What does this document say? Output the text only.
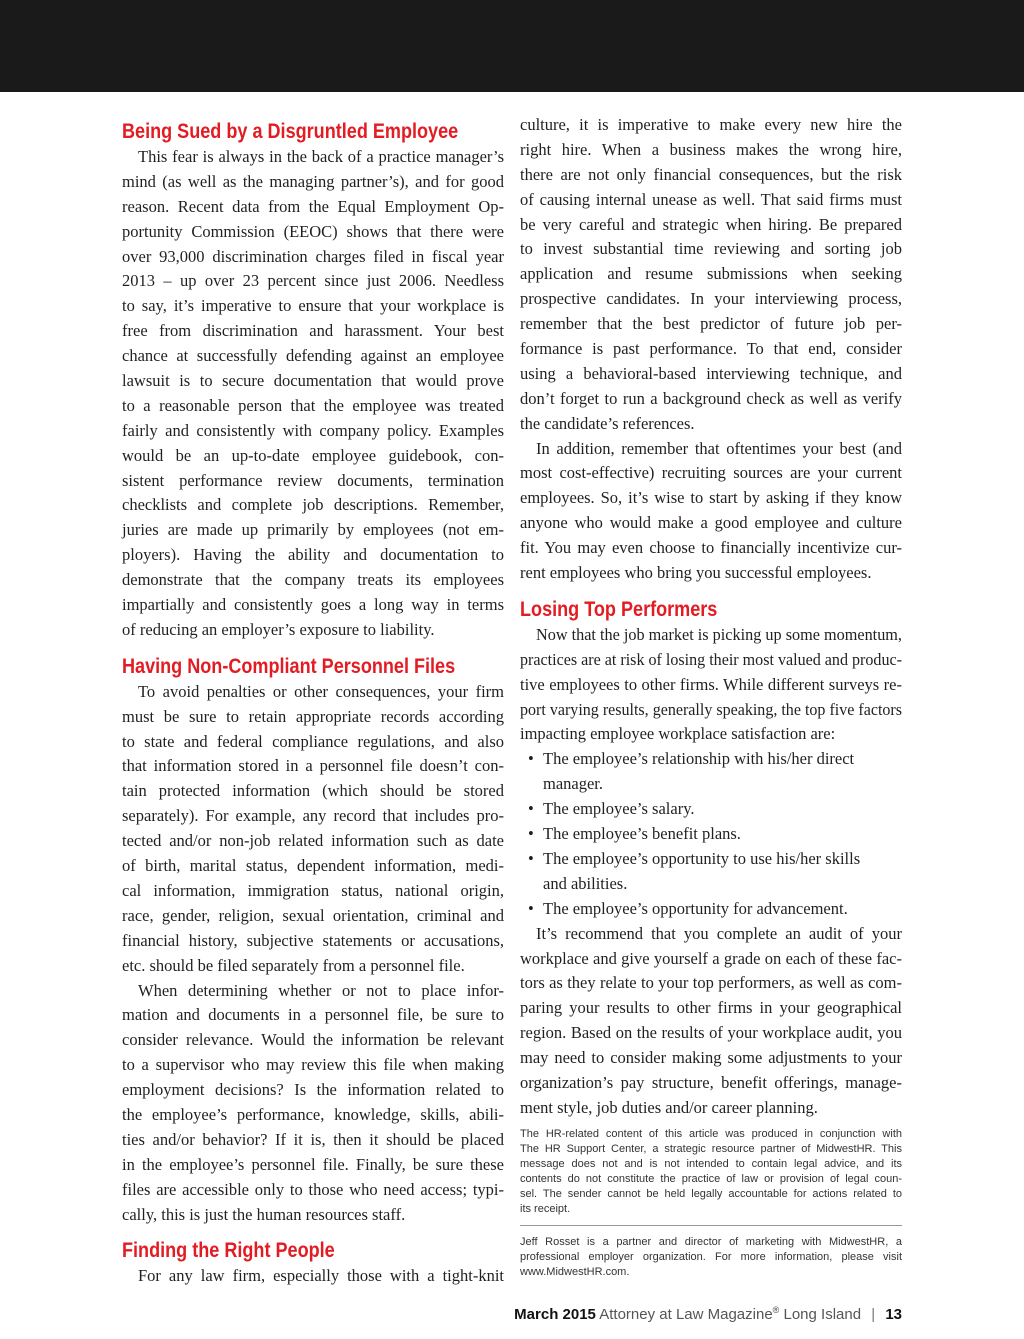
Being Sued by a Disgruntled Employee
This fear is always in the back of a practice manager’s
mind (as well as the managing partner’s), and for good
reason. Recent data from the Equal Employment Op-
portunity Commission (EEOC) shows that there were
over 93,000 discrimination charges filed in fiscal year
2013 – up over 23 percent since just 2006. Needless
to say, it’s imperative to ensure that your workplace is
free from discrimination and harassment. Your best
chance at successfully defending against an employee
lawsuit is to secure documentation that would prove
to a reasonable person that the employee was treated
fairly and consistently with company policy. Examples
would be an up-to-date employee guidebook, con-
sistent performance review documents, termination
checklists and complete job descriptions. Remember,
juries are made up primarily by employees (not em-
ployers). Having the ability and documentation to
demonstrate that the company treats its employees
impartially and consistently goes a long way in terms
of reducing an employer’s exposure to liability.
Having Non-Compliant Personnel Files
To avoid penalties or other consequences, your firm
must be sure to retain appropriate records according
to state and federal compliance regulations, and also
that information stored in a personnel file doesn’t con-
tain protected information (which should be stored
separately). For example, any record that includes pro-
tected and/or non-job related information such as date
of birth, marital status, dependent information, medi-
cal information, immigration status, national origin,
race, gender, religion, sexual orientation, criminal and
financial history, subjective statements or accusations,
etc. should be filed separately from a personnel file.
When determining whether or not to place infor-
mation and documents in a personnel file, be sure to
consider relevance. Would the information be relevant
to a supervisor who may review this file when making
employment decisions? Is the information related to
the employee’s performance, knowledge, skills, abili-
ties and/or behavior? If it is, then it should be placed
in the employee’s personnel file. Finally, be sure these
files are accessible only to those who need access; typi-
cally, this is just the human resources staff.
Finding the Right People
For any law firm, especially those with a tight-knit
culture, it is imperative to make every new hire the
right hire. When a business makes the wrong hire,
there are not only financial consequences, but the risk
of causing internal unease as well. That said firms must
be very careful and strategic when hiring. Be prepared
to invest substantial time reviewing and sorting job
application and resume submissions when seeking
prospective candidates. In your interviewing process,
remember that the best predictor of future job per-
formance is past performance. To that end, consider
using a behavioral-based interviewing technique, and
don’t forget to run a background check as well as verify
the candidate’s references.
In addition, remember that oftentimes your best (and
most cost-effective) recruiting sources are your current
employees. So, it’s wise to start by asking if they know
anyone who would make a good employee and culture
fit. You may even choose to financially incentivize cur-
rent employees who bring you successful employees.
Losing Top Performers
Now that the job market is picking up some momentum,
practices are at risk of losing their most valued and produc-
tive employees to other firms. While different surveys re-
port varying results, generally speaking, the top five factors
impacting employee workplace satisfaction are:
• The employee’s relationship with his/her direct
manager.
• The employee’s salary.
• The employee’s benefit plans.
• The employee’s opportunity to use his/her skills
and abilities.
• The employee’s opportunity for advancement.
It’s recommend that you complete an audit of your
workplace and give yourself a grade on each of these fac-
tors as they relate to your top performers, as well as com-
paring your results to other firms in your geographical
region. Based on the results of your workplace audit, you
may need to consider making some adjustments to your
organization’s pay structure, benefit offerings, manage-
ment style, job duties and/or career planning.
The HR-related content of this article was produced in conjunction with
The HR Support Center, a strategic resource partner of MidwestHR. This
message does not and is not intended to contain legal advice, and its
contents do not constitute the practice of law or provision of legal coun-
sel. The sender cannot be held legally accountable for actions related to
its receipt.
Jeff Rosset is a partner and director of marketing with MidwestHR, a
professional employer organization. For more information, please visit
www.MidwestHR.com.
March 2015 Attorney at Law Magazine® Long Island | 13
